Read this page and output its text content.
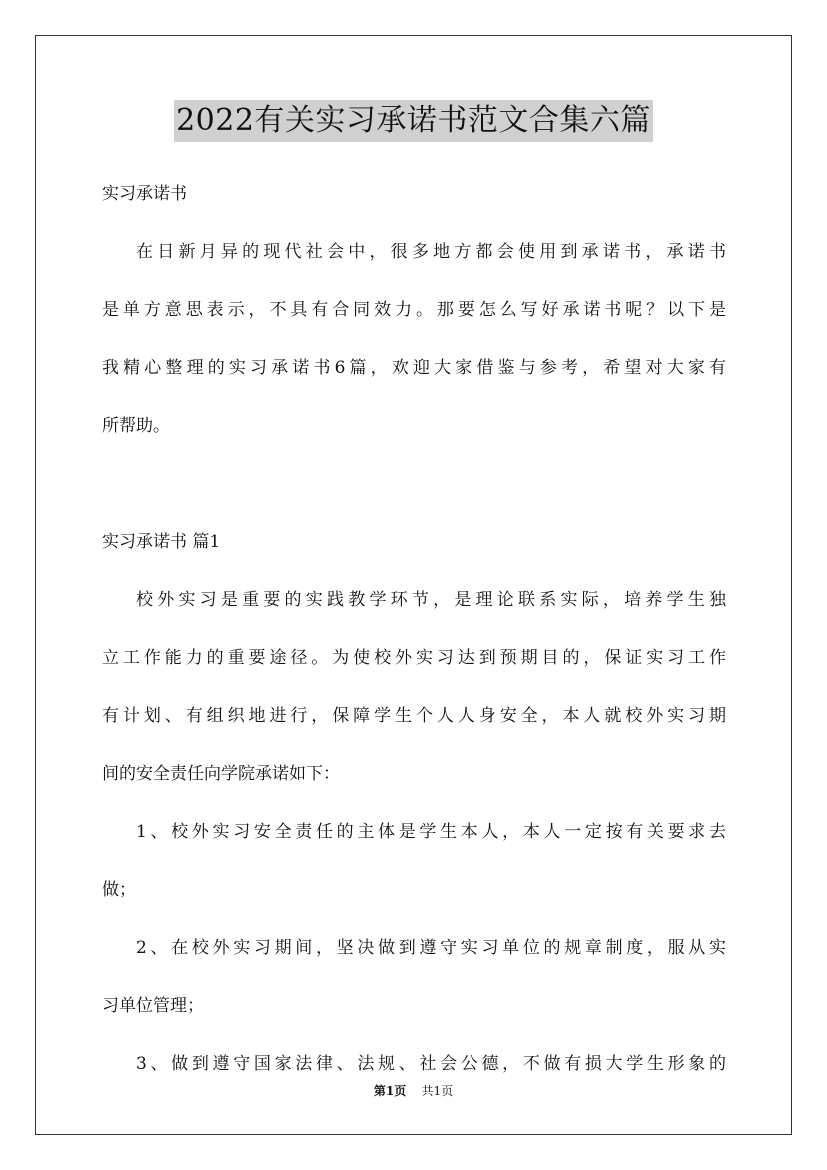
2022有关实习承诺书范文合集六篇
实习承诺书
在日新月异的现代社会中，很多地方都会使用到承诺书，承诺书
是单方意思表示，不具有合同效力。那要怎么写好承诺书呢？以下是
我精心整理的实习承诺书6篇，欢迎大家借鉴与参考，希望对大家有
所帮助。
实习承诺书 篇1
校外实习是重要的实践教学环节，是理论联系实际，培养学生独
立工作能力的重要途径。为使校外实习达到预期目的，保证实习工作
有计划、有组织地进行，保障学生个人人身安全，本人就校外实习期
间的安全责任向学院承诺如下：
1、校外实习安全责任的主体是学生本人，本人一定按有关要求去
做；
2、在校外实习期间，坚决做到遵守实习单位的规章制度，服从实
习单位管理；
3、做到遵守国家法律、法规、社会公德，不做有损大学生形象的
第1页 共1页
